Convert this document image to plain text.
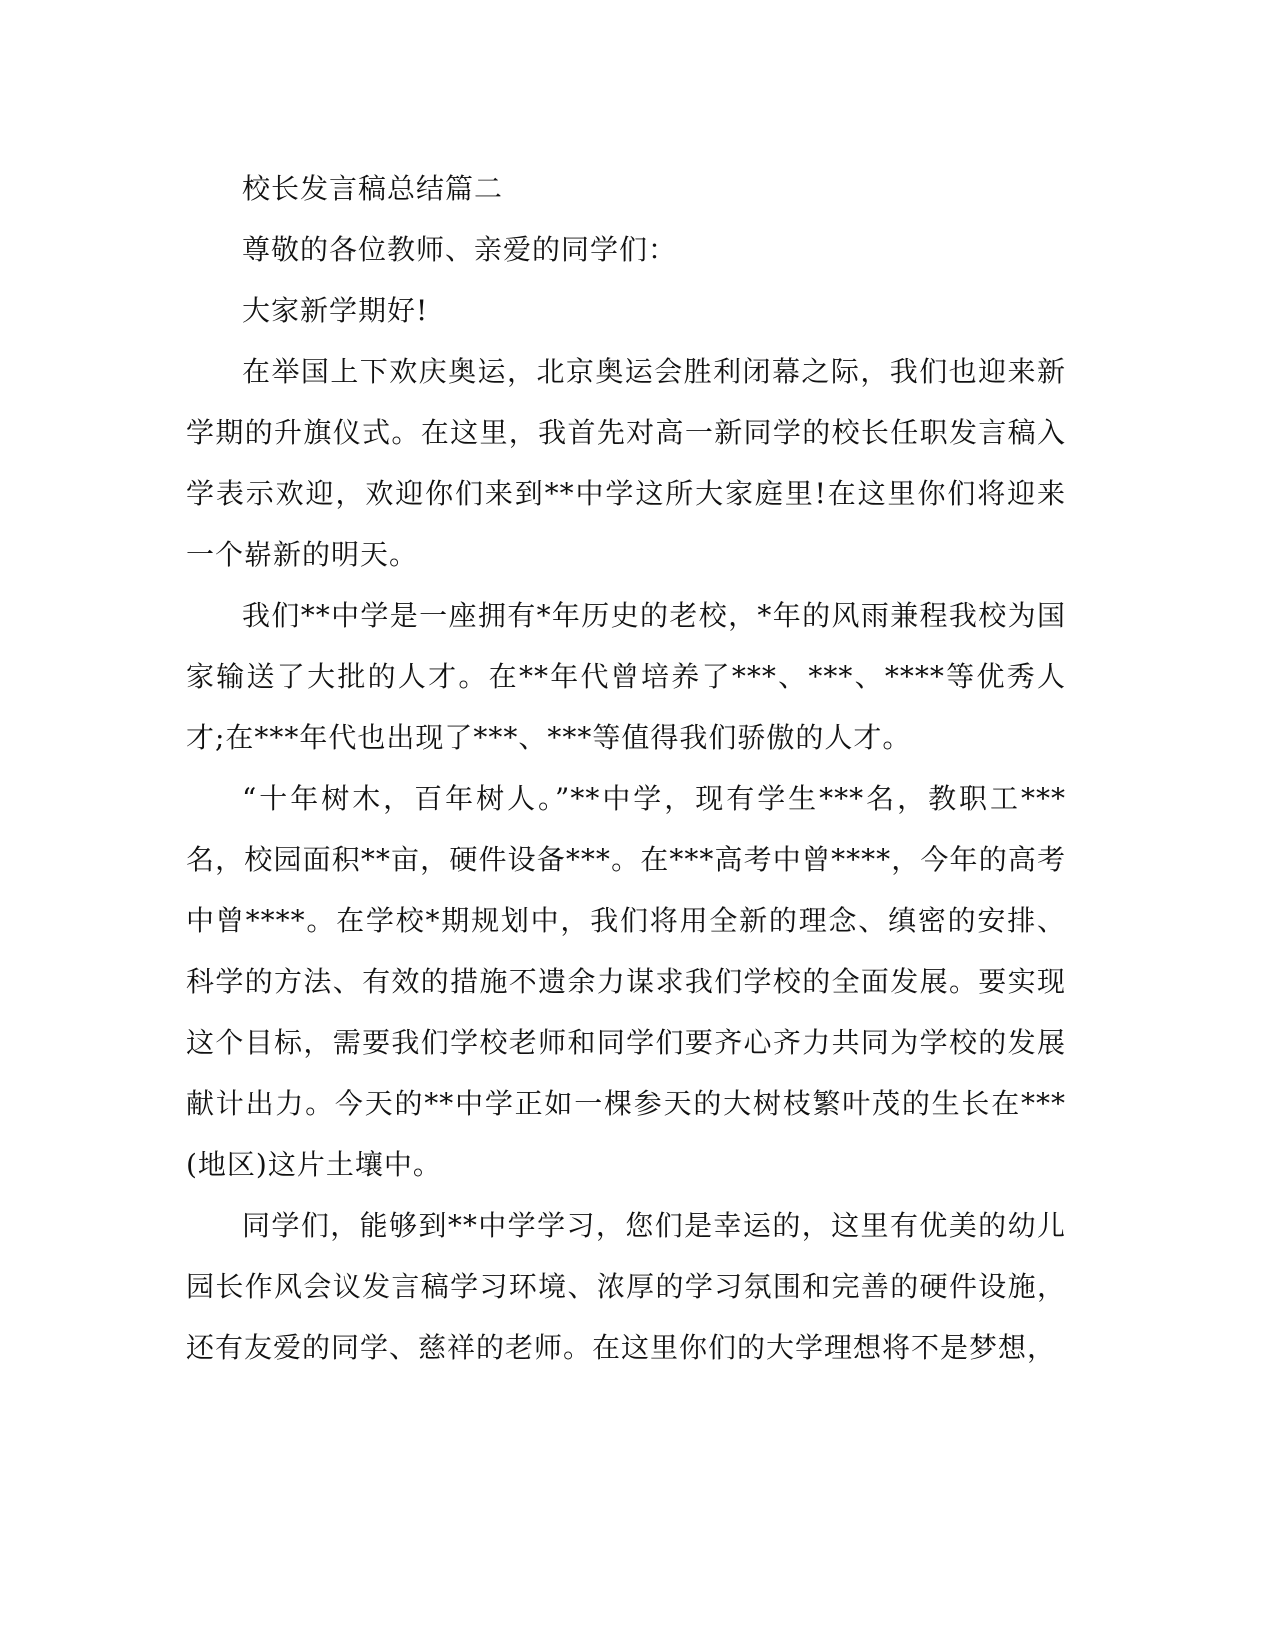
校长发言稿总结篇二

尊敬的各位教师、亲爱的同学们：

大家新学期好!

在举国上下欢庆奥运，北京奥运会胜利闭幕之际，我们也迎来新学期的升旗仪式。在这里，我首先对高一新同学的校长任职发言稿入学表示欢迎，欢迎你们来到**中学这所大家庭里!在这里你们将迎来一个崭新的明天。

我们**中学是一座拥有*年历史的老校，*年的风雨兼程我校为国家输送了大批的人才。在**年代曾培养了***、***、****等优秀人才;在***年代也出现了***、***等值得我们骄傲的人才。

“十年树木，百年树人。”**中学，现有学生***名，教职工***名，校园面积**亩，硬件设备***。在***高考中曾****，今年的高考中曾****。在学校*期规划中，我们将用全新的理念、缜密的安排、科学的方法、有效的措施不遗余力谋求我们学校的全面发展。要实现这个目标，需要我们学校老师和同学们要齐心齐力共同为学校的发展献计出力。今天的**中学正如一棵参天的大树枝繁叶茂的生长在***(地区)这片土壤中。

同学们，能够到**中学学习，您们是幸运的，这里有优美的幼儿园长作风会议发言稿学习环境、浓厚的学习氛围和完善的硬件设施，还有友爱的同学、慈祥的老师。在这里你们的大学理想将不是梦想，
